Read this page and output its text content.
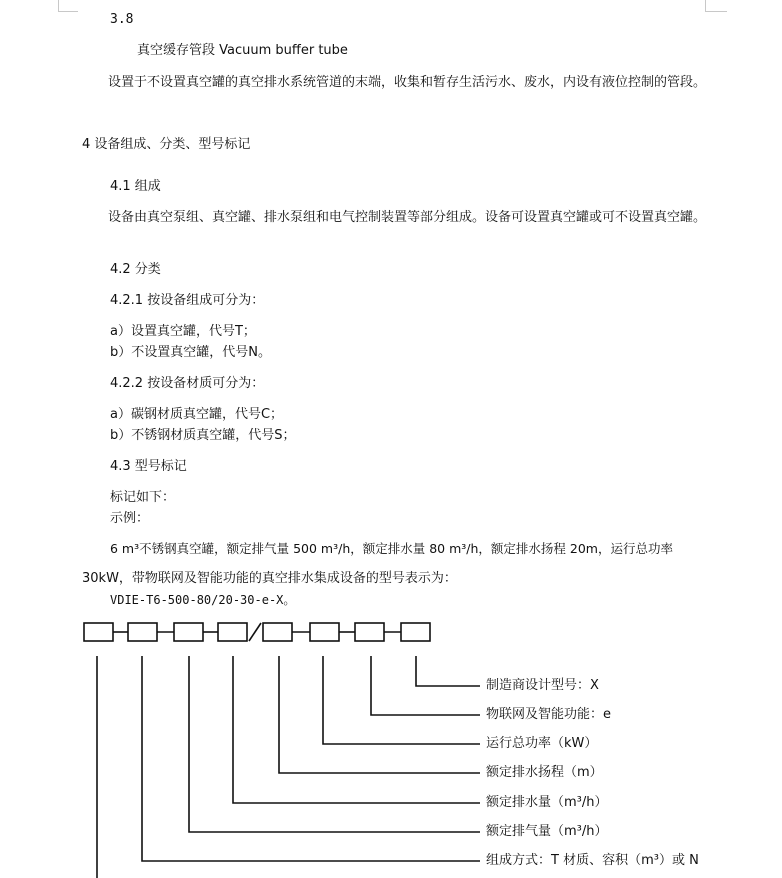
3.8
真空缓存管段 Vacuum buffer tube
设置于不设置真空罐的真空排水系统管道的末端，收集和暂存生活污水、废水，内设有液位控制的管段。
4 设备组成、分类、型号标记
4.1 组成
设备由真空泵组、真空罐、排水泵组和电气控制装置等部分组成。设备可设置真空罐或可不设置真空罐。
4.2 分类
4.2.1 按设备组成可分为：
a）设置真空罐，代号T；
b）不设置真空罐，代号N。
4.2.2 按设备材质可分为：
a）碳钢材质真空罐，代号C；
b）不锈钢材质真空罐，代号S；
4.3 型号标记
标记如下：
示例：
6 m³不锈钢真空罐，额定排气量 500 m³/h，额定排水量 80 m³/h，额定排水扬程 20m，运行总功率
30kW，带物联网及智能功能的真空排水集成设备的型号表示为：
VDIE-T6-500-80/20-30-e-X。
制造商设计型号：X
物联网及智能功能：e
运行总功率（kW）
额定排水扬程（m）
额定排水量（m³/h）
额定排气量（m³/h）
组成方式：T 材质、容积（m³）或 N
